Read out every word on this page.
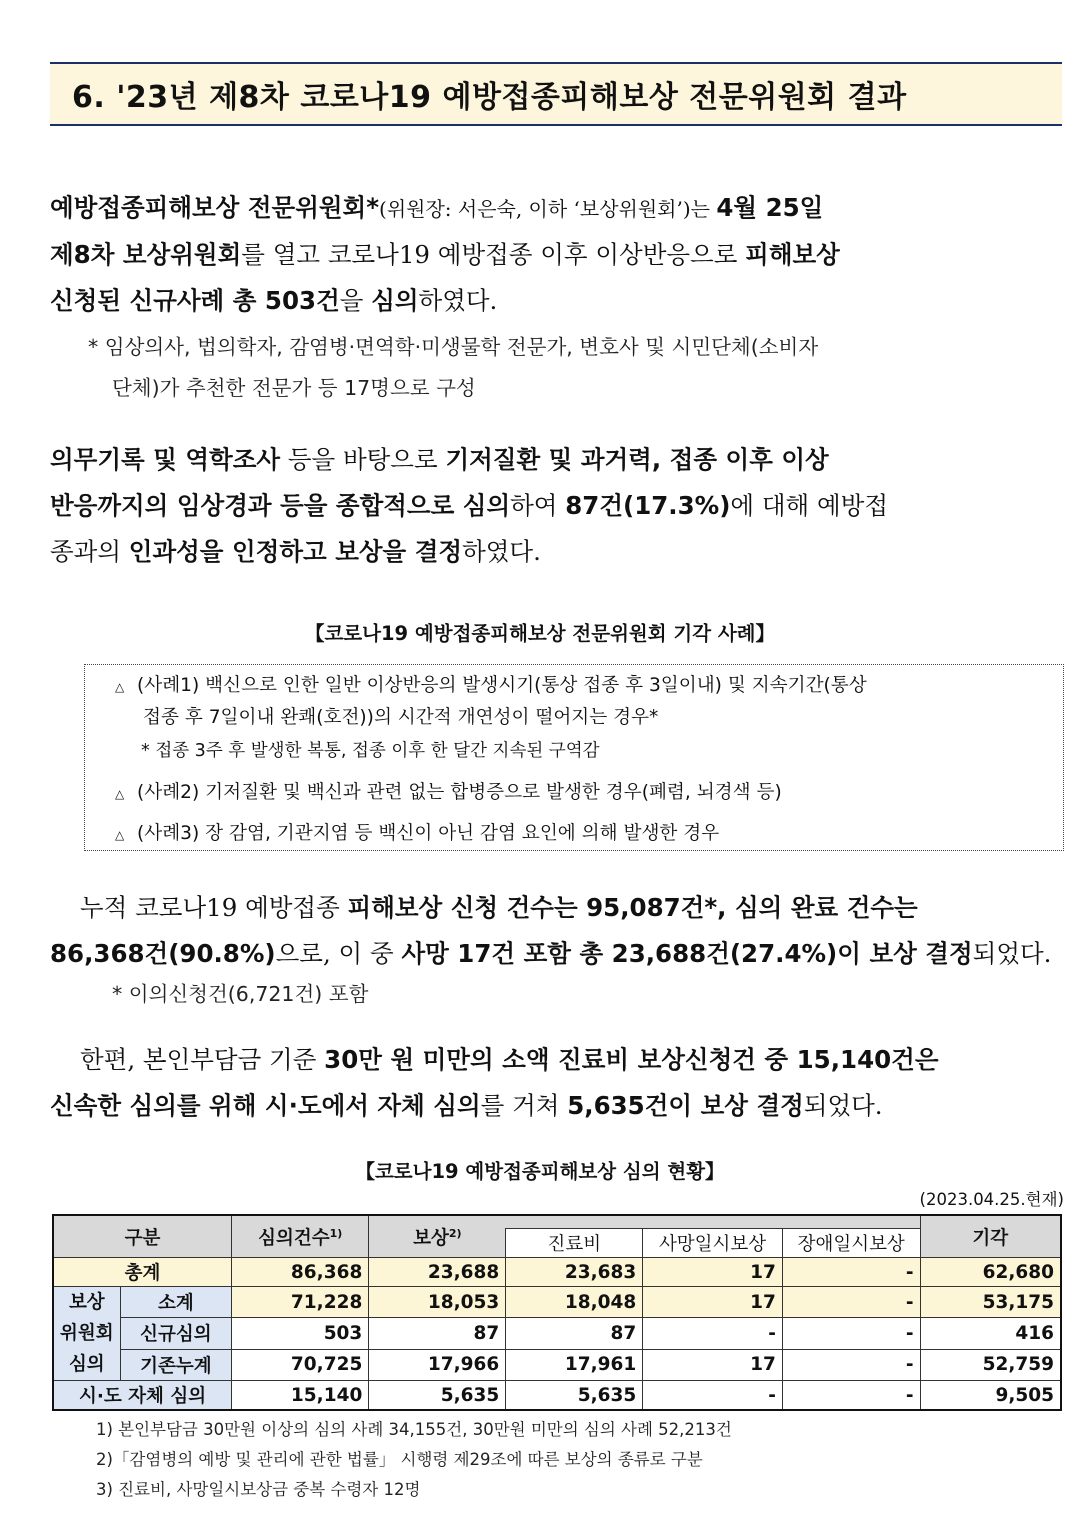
6. '23년 제8차 코로나19 예방접종피해보상 전문위원회 결과
예방접종피해보상 전문위원회*(위원장: 서은숙, 이하 ‘보상위원회’)는 4월 25일
제8차 보상위원회를 열고 코로나19 예방접종 이후 이상반응으로 피해보상
신청된 신규사례 총 503건을 심의하였다.
* 임상의사, 법의학자, 감염병·면역학·미생물학 전문가, 변호사 및 시민단체(소비자
단체)가 추천한 전문가 등 17명으로 구성
의무기록 및 역학조사 등을 바탕으로 기저질환 및 과거력, 접종 이후 이상
반응까지의 임상경과 등을 종합적으로 심의하여 87건(17.3%)에 대해 예방접
종과의 인과성을 인정하고 보상을 결정하였다.
【코로나19 예방접종피해보상 전문위원회 기각 사례】
△ (사례1) 백신으로 인한 일반 이상반응의 발생시기(통상 접종 후 3일이내) 및 지속기간(통상
접종 후 7일이내 완쾌(호전))의 시간적 개연성이 떨어지는 경우*
* 접종 3주 후 발생한 복통, 접종 이후 한 달간 지속된 구역감
△ (사례2) 기저질환 및 백신과 관련 없는 합병증으로 발생한 경우(폐렴, 뇌경색 등)
△ (사례3) 장 감염, 기관지염 등 백신이 아닌 감염 요인에 의해 발생한 경우
누적 코로나19 예방접종 피해보상 신청 건수는 95,087건*, 심의 완료 건수는
86,368건(90.8%)으로, 이 중 사망 17건 포함 총 23,688건(27.4%)이 보상 결정되었다.
* 이의신청건(6,721건) 포함
한편, 본인부담금 기준 30만 원 미만의 소액 진료비 보상신청건 중 15,140건은
신속한 심의를 위해 시·도에서 자체 심의를 거쳐 5,635건이 보상 결정되었다.
【코로나19 예방접종피해보상 심의 현황】
(2023.04.25.현재)
구분		심의건수$^{1)}$	보상$^{2)}$				기각
				진료비	사망일시보상	장애일시보상	
총계		86,368	23,688	23,683	17	-	62,680
보상
위원회
심의	소계	71,228	18,053	18,048	17	-	53,175
	신규심의	503	87	87	-	-	416
	기존누계	70,725	17,966	17,961	17	-	52,759
시·도 자체 심의		15,140	5,635	5,635	-	-	9,505
1) 본인부담금 30만원 이상의 심의 사례 34,155건, 30만원 미만의 심의 사례 52,213건
2)「감염병의 예방 및 관리에 관한 법률」 시행령 제29조에 따른 보상의 종류로 구분
3) 진료비, 사망일시보상금 중복 수령자 12명
